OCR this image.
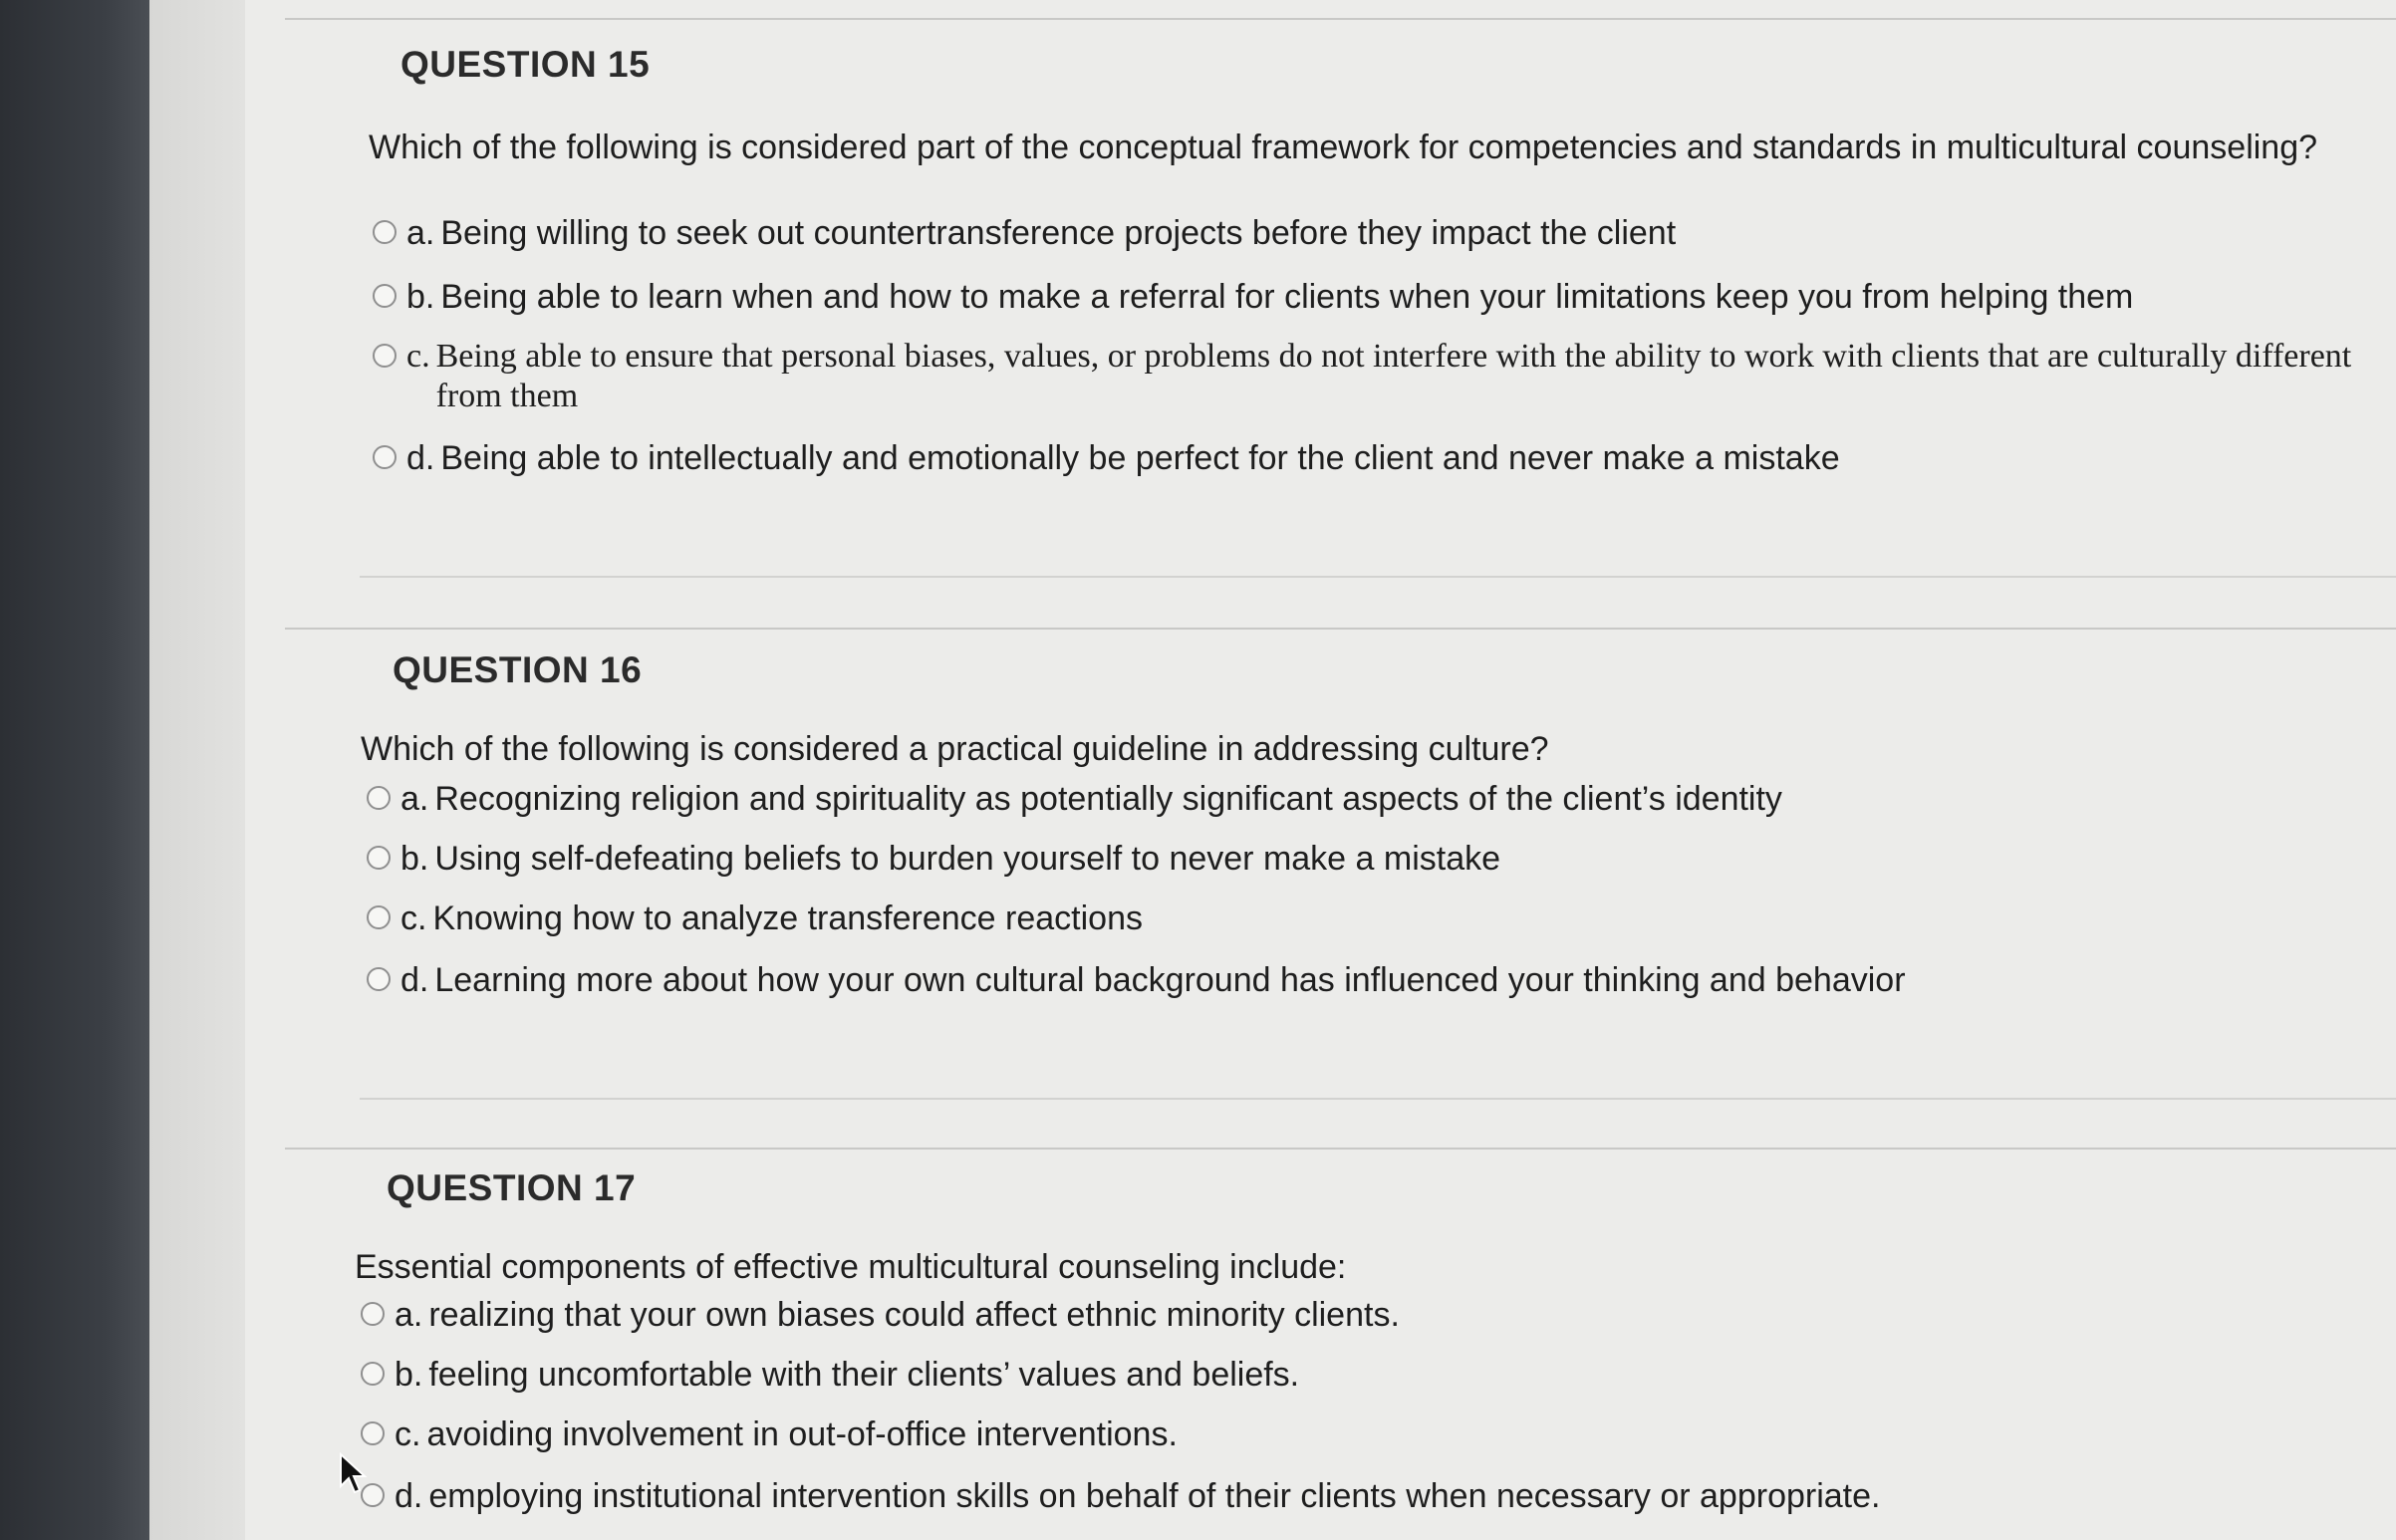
QUESTION 15
Which of the following is considered part of the conceptual framework for competencies and standards in multicultural counseling?
a. Being willing to seek out countertransference projects before they impact the client
b. Being able to learn when and how to make a referral for clients when your limitations keep you from helping them
c. Being able to ensure that personal biases, values, or problems do not interfere with the ability to work with clients that are culturally different from them
d. Being able to intellectually and emotionally be perfect for the client and never make a mistake
QUESTION 16
Which of the following is considered a practical guideline in addressing culture?
a. Recognizing religion and spirituality as potentially significant aspects of the client’s identity
b. Using self-defeating beliefs to burden yourself to never make a mistake
c. Knowing how to analyze transference reactions
d. Learning more about how your own cultural background has influenced your thinking and behavior
QUESTION 17
Essential components of effective multicultural counseling include:
a. realizing that your own biases could affect ethnic minority clients.
b. feeling uncomfortable with their clients’ values and beliefs.
c. avoiding involvement in out-of-office interventions.
d. employing institutional intervention skills on behalf of their clients when necessary or appropriate.
